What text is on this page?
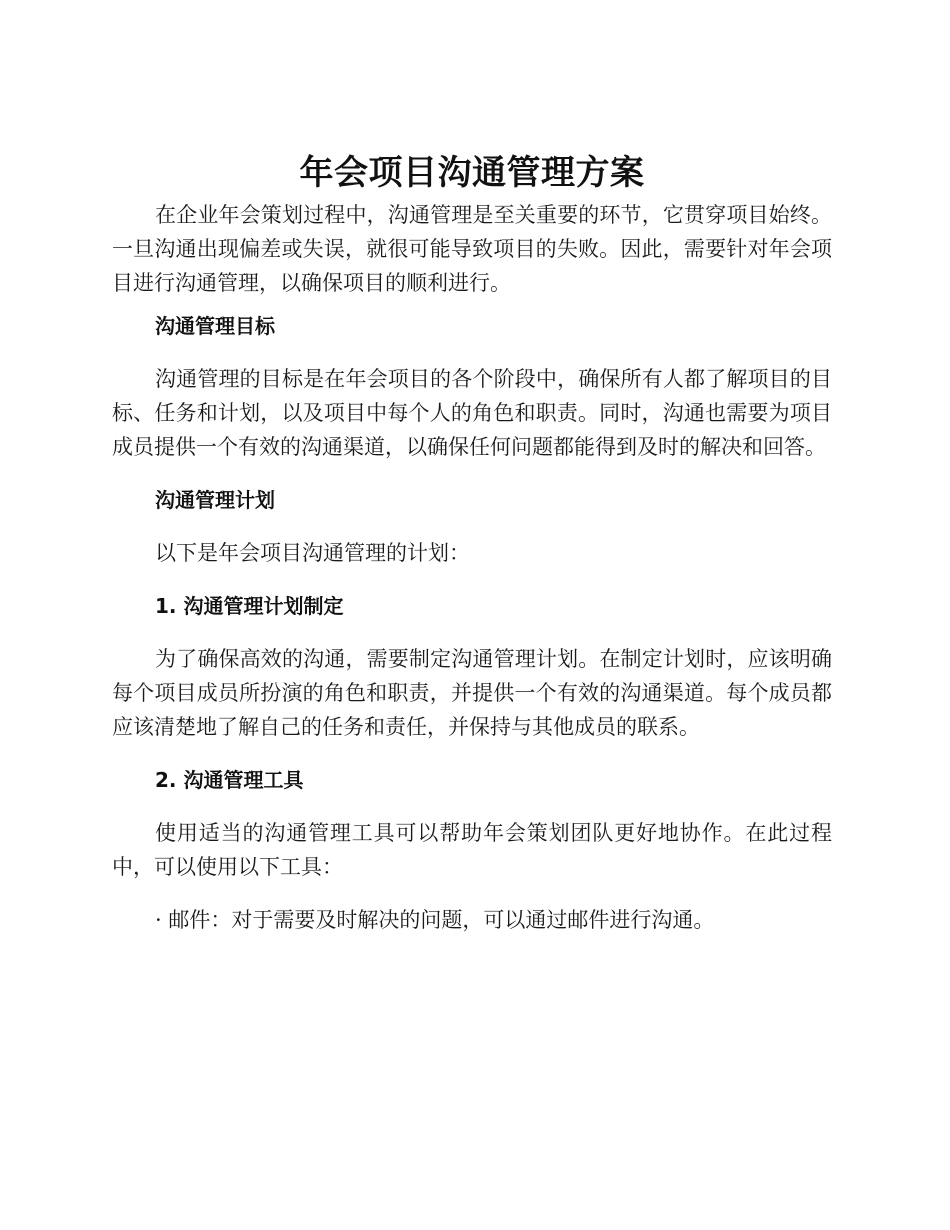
年会项目沟通管理方案

在企业年会策划过程中，沟通管理是至关重要的环节，它贯穿项目始终。一旦沟通出现偏差或失误，就很可能导致项目的失败。因此，需要针对年会项目进行沟通管理，以确保项目的顺利进行。

沟通管理目标

沟通管理的目标是在年会项目的各个阶段中，确保所有人都了解项目的目标、任务和计划，以及项目中每个人的角色和职责。同时，沟通也需要为项目成员提供一个有效的沟通渠道，以确保任何问题都能得到及时的解决和回答。

沟通管理计划

以下是年会项目沟通管理的计划：

1. 沟通管理计划制定

为了确保高效的沟通，需要制定沟通管理计划。在制定计划时，应该明确每个项目成员所扮演的角色和职责，并提供一个有效的沟通渠道。每个成员都应该清楚地了解自己的任务和责任，并保持与其他成员的联系。

2. 沟通管理工具

使用适当的沟通管理工具可以帮助年会策划团队更好地协作。在此过程中，可以使用以下工具：

· 邮件：对于需要及时解决的问题，可以通过邮件进行沟通。
